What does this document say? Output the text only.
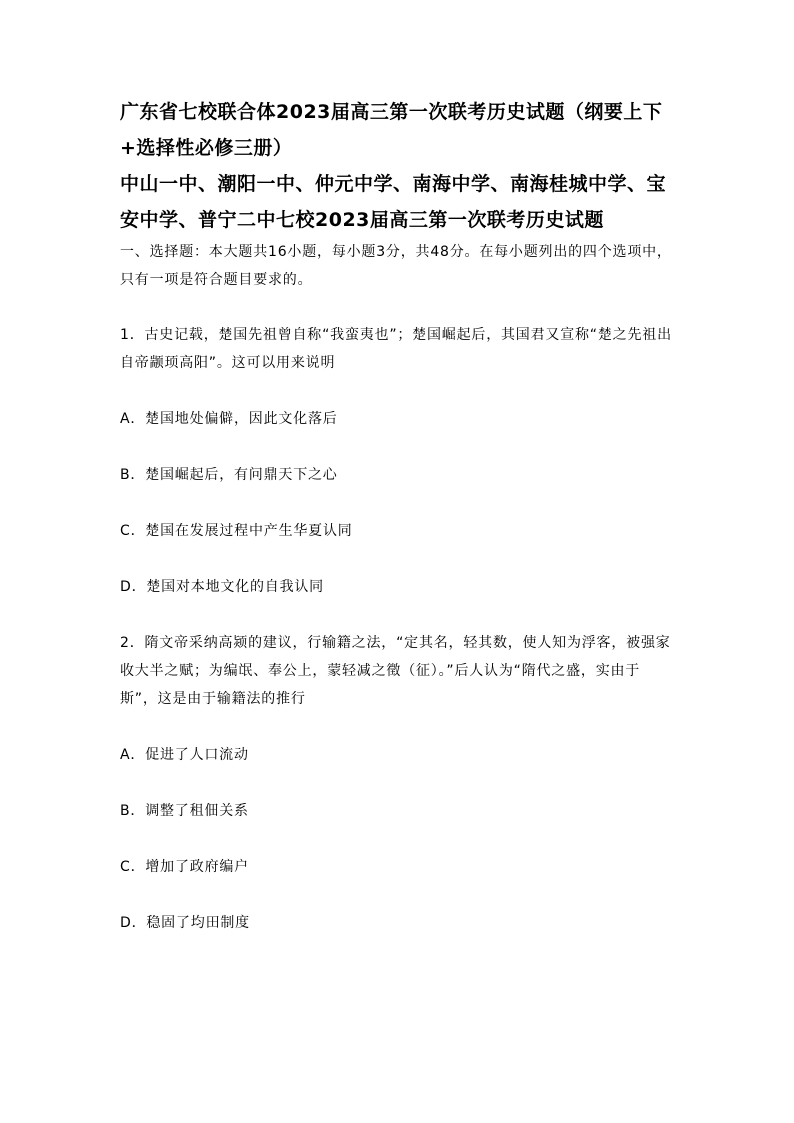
广东省七校联合体2023届高三第一次联考历史试题（纲要上下+选择性必修三册）

中山一中、潮阳一中、仲元中学、南海中学、南海桂城中学、宝安中学、普宁二中七校2023届高三第一次联考历史试题

一、选择题：本大题共16小题，每小题3分，共48分。在每小题列出的四个选项中，只有一项是符合题目要求的。

1．古史记载，楚国先祖曾自称“我蛮夷也”；楚国崛起后，其国君又宣称“楚之先祖出自帝颛顼高阳”。这可以用来说明

A．楚国地处偏僻，因此文化落后

B．楚国崛起后，有问鼎天下之心

C．楚国在发展过程中产生华夏认同

D．楚国对本地文化的自我认同

2．隋文帝采纳高颎的建议，行输籍之法，“定其名，轻其数，使人知为浮客，被强家收大半之赋；为编氓、奉公上，蒙轻减之徵（征）。”后人认为“隋代之盛，实由于斯”，这是由于输籍法的推行

A．促进了人口流动

B．调整了租佃关系

C．增加了政府编户

D．稳固了均田制度
